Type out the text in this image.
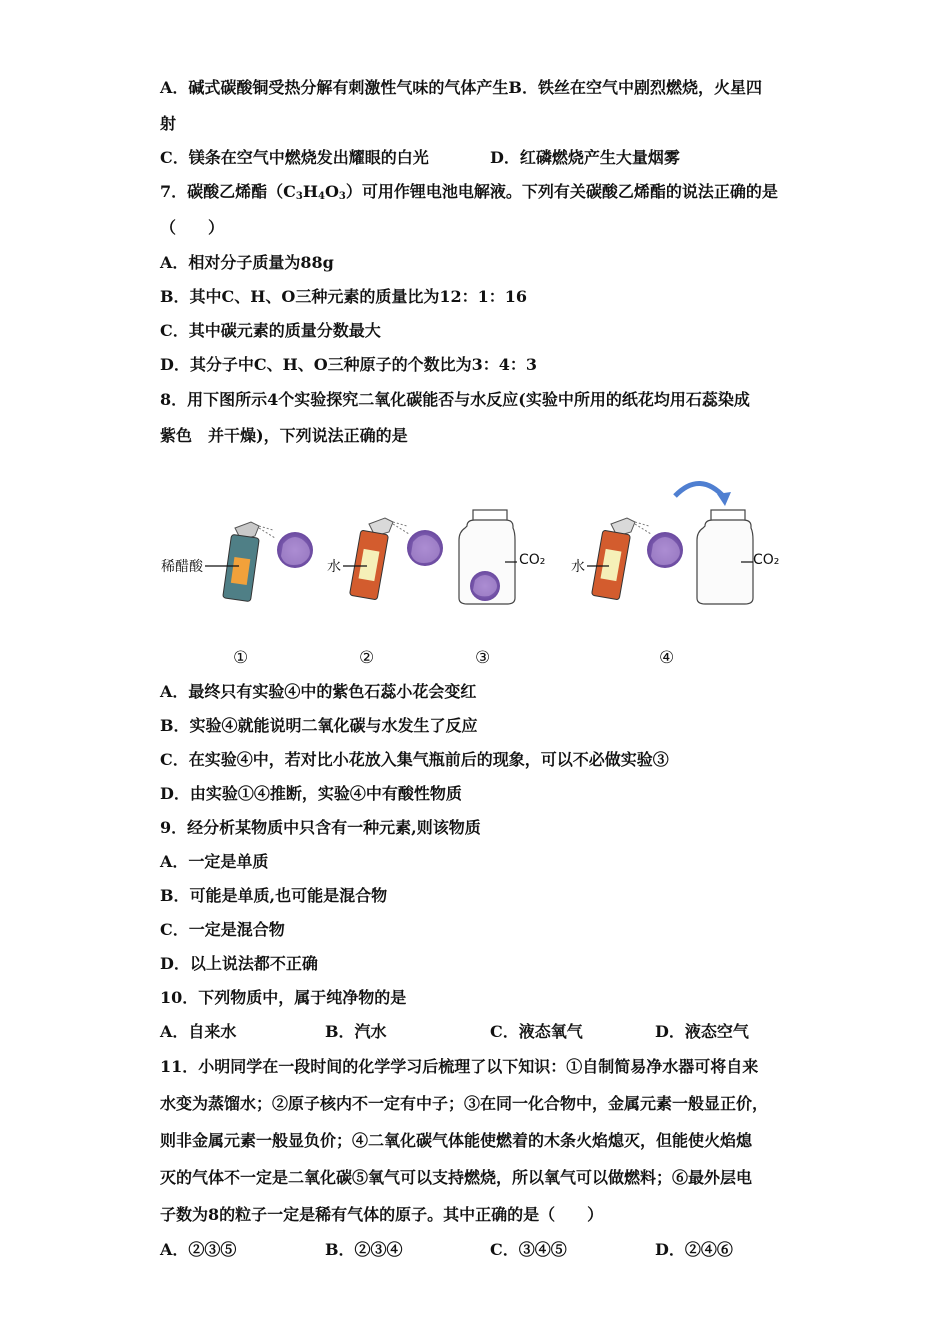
A．碱式碳酸铜受热分解有刺激性气味的气体产生B．铁丝在空气中剧烈燃烧，火星四
射
C．镁条在空气中燃烧发出耀眼的白光	D．红磷燃烧产生大量烟雾
7．碳酸乙烯酯$(C_3H_4O_3)$可用作锂电池电解液。下列有关碳酸乙烯酯的说法正确的是
（　　）
A．相对分子质量为88g
B．其中C、H、O三种元素的质量比为12：1：16
C．其中碳元素的质量分数最大
D．其分子中C、H、O三种原子的个数比为3：4：3
8．用下图所示4个实验探究二氧化碳能否与水反应(实验中所用的纸花均用石蕊染成
紫色　并干燥)，下列说法正确的是
稀醋酸	水	CO₂ 水	CO₂
①	②	③	④
A．最终只有实验④中的紫色石蕊小花会变红
B．实验④就能说明二氧化碳与水发生了反应
C．在实验④中，若对比小花放入集气瓶前后的现象，可以不必做实验③
D．由实验①④推断，实验④中有酸性物质
9．经分析某物质中只含有一种元素,则该物质
A．一定是单质
B．可能是单质,也可能是混合物
C．一定是混合物
D．以上说法都不正确
10．下列物质中，属于纯净物的是
A．自来水	B．汽水	C．液态氧气	D．液态空气
11．小明同学在一段时间的化学学习后梳理了以下知识：①自制简易净水器可将自来
水变为蒸馏水；②原子核内不一定有中子；③在同一化合物中，金属元素一般显正价，
则非金属元素一般显负价；④二氧化碳气体能使燃着的木条火焰熄灭，但能使火焰熄
灭的气体不一定是二氧化碳⑤氧气可以支持燃烧，所以氧气可以做燃料；⑥最外层电
子数为8的粒子一定是稀有气体的原子。其中正确的是（　　）
A．②③⑤	B．②③④	C．③④⑤	D．②④⑥
